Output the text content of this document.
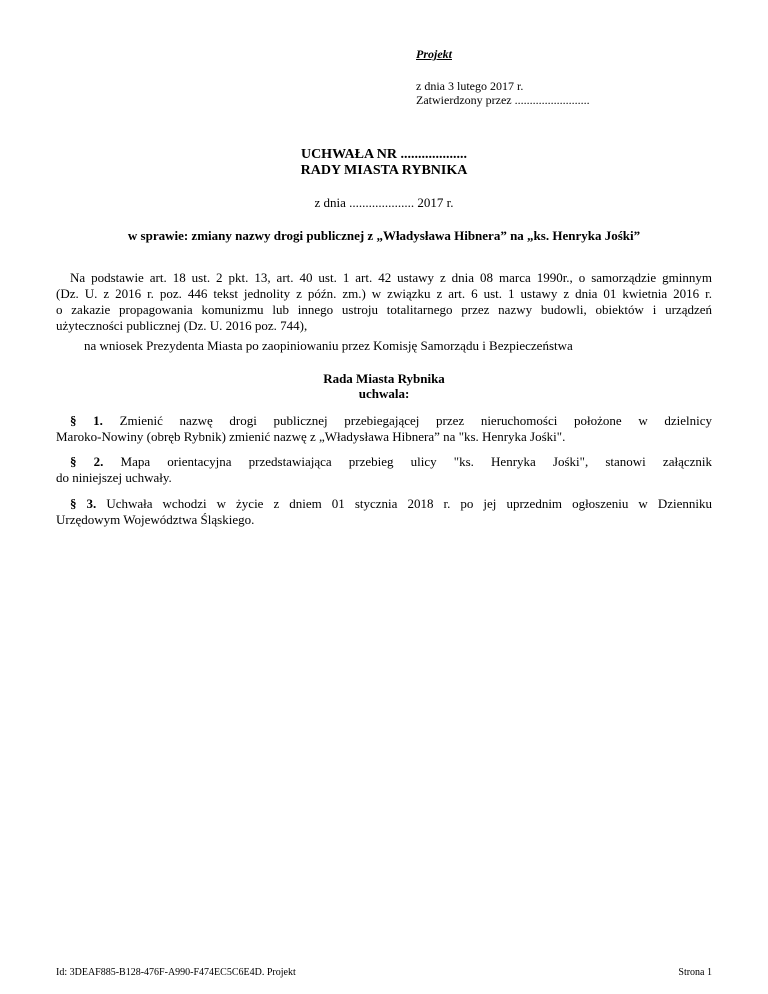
Projekt
z dnia 3 lutego 2017 r.
Zatwierdzony przez .........................
UCHWAŁA NR ...................
RADY MIASTA RYBNIKA
z dnia .................... 2017 r.
w sprawie: zmiany nazwy drogi publicznej z „Władysława Hibnera” na „ks. Henryka Jośki”
Na podstawie art. 18 ust. 2 pkt. 13, art. 40 ust. 1 art. 42 ustawy z dnia 08 marca 1990r., o samorządzie gminnym
(Dz. U. z 2016 r. poz. 446 tekst jednolity z późn. zm.) w związku z art. 6 ust. 1 ustawy z dnia 01 kwietnia 2016 r.
o zakazie propagowania komunizmu lub innego ustroju totalitarnego przez nazwy budowli, obiektów i urządzeń
użyteczności publicznej (Dz. U. 2016 poz. 744),
na wniosek Prezydenta Miasta po zaopiniowaniu przez Komisję Samorządu i Bezpieczeństwa
Rada Miasta Rybnika
uchwala:
§ 1. Zmienić nazwę drogi publicznej przebiegającej przez nieruchomości położone w dzielnicy
Maroko-Nowiny (obręb Rybnik) zmienić nazwę z „Władysława Hibnera” na "ks. Henryka Jośki".
§ 2. Mapa orientacyjna przedstawiająca przebieg ulicy "ks. Henryka Jośki", stanowi załącznik
do niniejszej uchwały.
§ 3. Uchwała wchodzi w życie z dniem 01 stycznia 2018 r. po jej uprzednim ogłoszeniu w Dzienniku
Urzędowym Województwa Śląskiego.
Id: 3DEAF885-B128-476F-A990-F474EC5C6E4D. Projekt	Strona 1
